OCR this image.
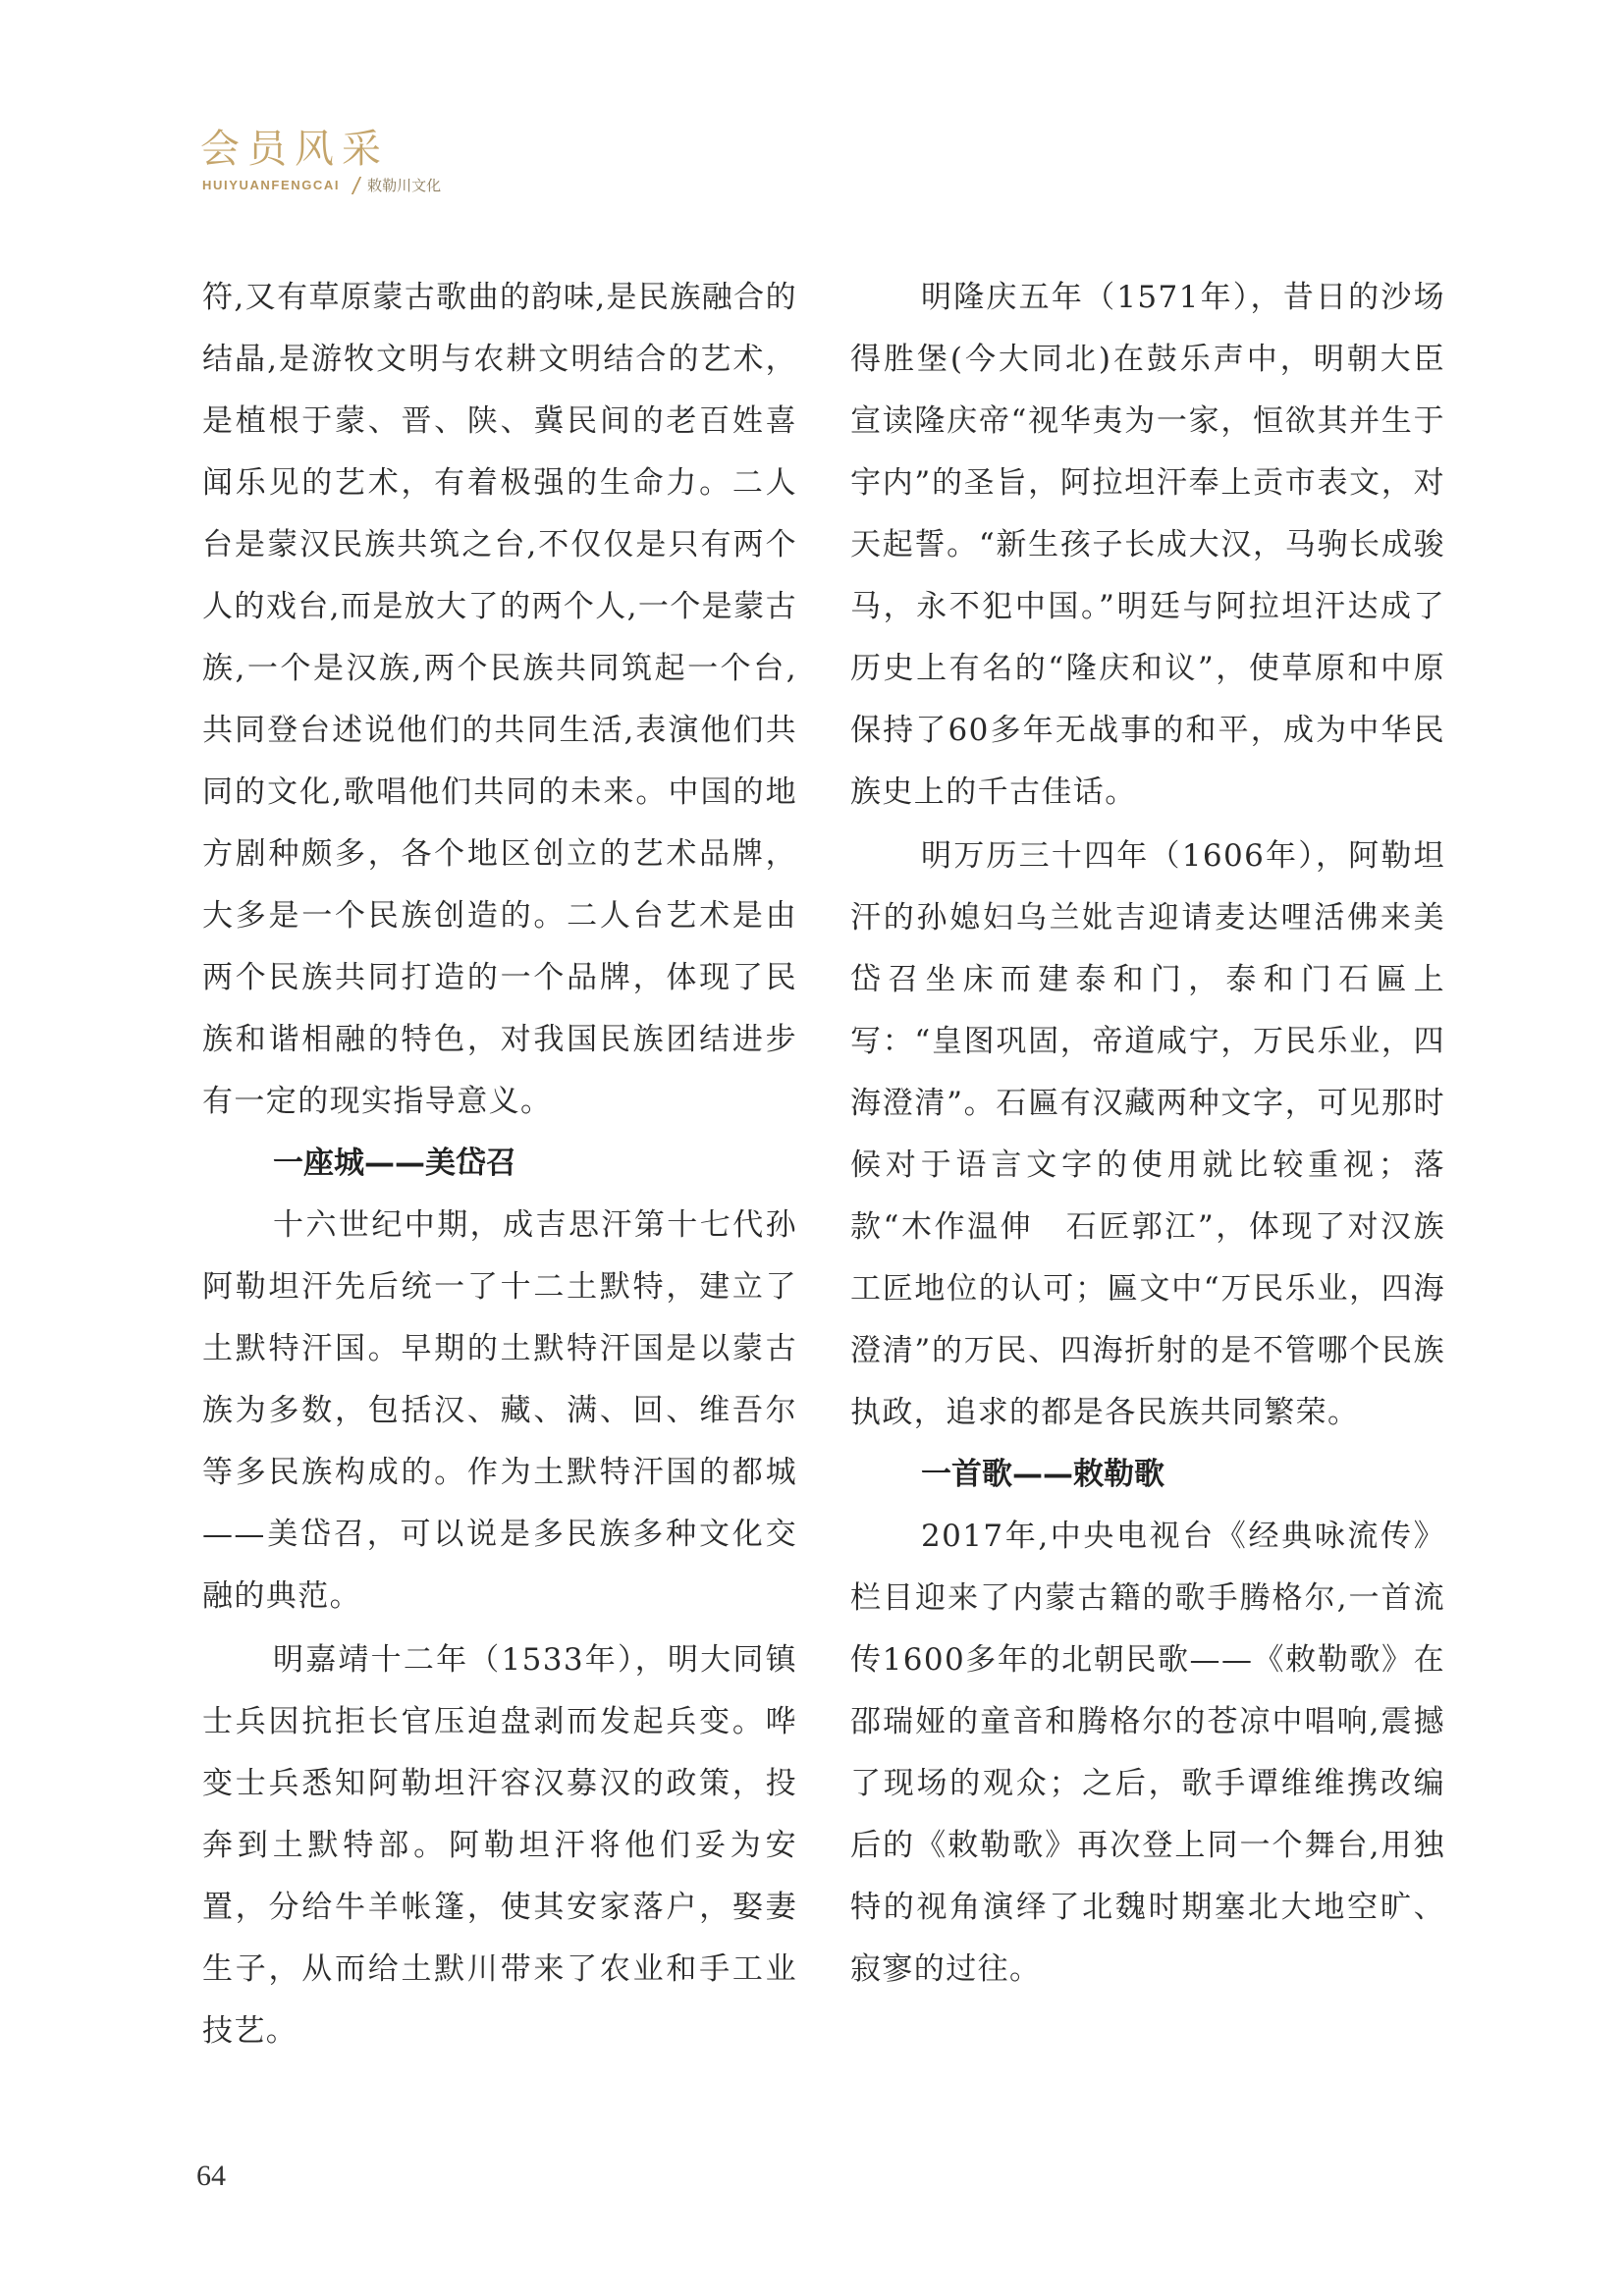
会员风采
HUIYUANFENGCAI 敕勒川文化

符,又有草原蒙古歌曲的韵味,是民族融合的结晶,是游牧文明与农耕文明结合的艺术，是植根于蒙、晋、陕、冀民间的老百姓喜闻乐见的艺术，有着极强的生命力。二人台是蒙汉民族共筑之台,不仅仅是只有两个人的戏台,而是放大了的两个人,一个是蒙古族,一个是汉族,两个民族共同筑起一个台,共同登台述说他们的共同生活,表演他们共同的文化,歌唱他们共同的未来。中国的地方剧种颇多，各个地区创立的艺术品牌，大多是一个民族创造的。二人台艺术是由两个民族共同打造的一个品牌，体现了民族和谐相融的特色，对我国民族团结进步有一定的现实指导意义。

一座城——美岱召

十六世纪中期，成吉思汗第十七代孙阿勒坦汗先后统一了十二土默特，建立了土默特汗国。早期的土默特汗国是以蒙古族为多数，包括汉、藏、满、回、维吾尔等多民族构成的。作为土默特汗国的都城——美岱召，可以说是多民族多种文化交融的典范。

明嘉靖十二年（1533年），明大同镇士兵因抗拒长官压迫盘剥而发起兵变。哗变士兵悉知阿勒坦汗容汉募汉的政策，投奔到土默特部。阿勒坦汗将他们妥为安置，分给牛羊帐篷，使其安家落户，娶妻生子，从而给土默川带来了农业和手工业技艺。

明隆庆五年（1571年），昔日的沙场得胜堡(今大同北)在鼓乐声中，明朝大臣宣读隆庆帝“视华夷为一家，恒欲其并生于宇内”的圣旨，阿拉坦汗奉上贡市表文，对天起誓。“新生孩子长成大汉，马驹长成骏马，永不犯中国。”明廷与阿拉坦汗达成了历史上有名的“隆庆和议”，使草原和中原保持了60多年无战事的和平，成为中华民族史上的千古佳话。

明万历三十四年（1606年），阿勒坦汗的孙媳妇乌兰妣吉迎请麦达哩活佛来美岱召坐床而建泰和门，泰和门石匾上写：“皇图巩固，帝道咸宁，万民乐业，四海澄清”。石匾有汉藏两种文字，可见那时候对于语言文字的使用就比较重视；落款“木作温伸　石匠郭江”，体现了对汉族工匠地位的认可；匾文中“万民乐业，四海澄清”的万民、四海折射的是不管哪个民族执政，追求的都是各民族共同繁荣。

一首歌——敕勒歌

2017年,中央电视台《经典咏流传》栏目迎来了内蒙古籍的歌手腾格尔,一首流传1600多年的北朝民歌——《敕勒歌》在邵瑞娅的童音和腾格尔的苍凉中唱响,震撼了现场的观众；之后，歌手谭维维携改编后的《敕勒歌》再次登上同一个舞台,用独特的视角演绎了北魏时期塞北大地空旷、寂寥的过往。

64
